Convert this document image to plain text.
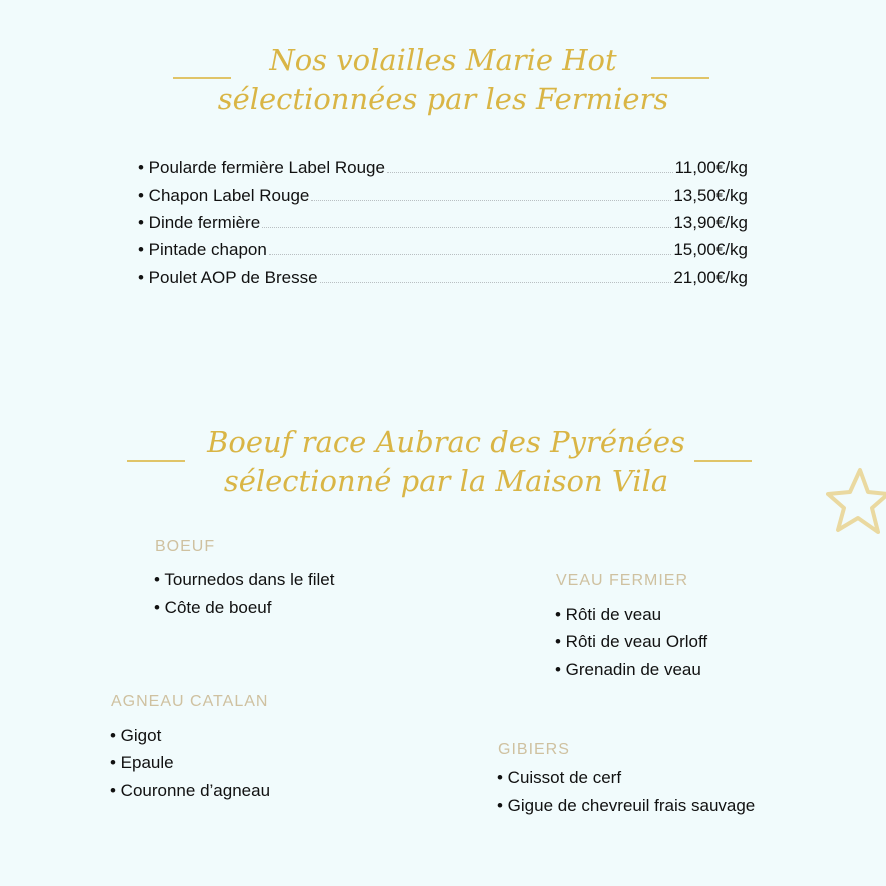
Nos volailles Marie Hot
sélectionnées par les Fermiers
• Poularde fermière Label Rouge	11,00€/kg
• Chapon Label Rouge	13,50€/kg
• Dinde fermière	13,90€/kg
• Pintade chapon	15,00€/kg
• Poulet AOP de Bresse	21,00€/kg
Boeuf race Aubrac des Pyrénées
sélectionné par la Maison Vila
BOEUF
• Tournedos dans le filet
• Côte de boeuf
VEAU FERMIER
• Rôti de veau
• Rôti de veau Orloff
• Grenadin de veau
AGNEAU CATALAN
• Gigot
• Epaule
• Couronne d’agneau
GIBIERS
• Cuissot de cerf
• Gigue de chevreuil frais sauvage
